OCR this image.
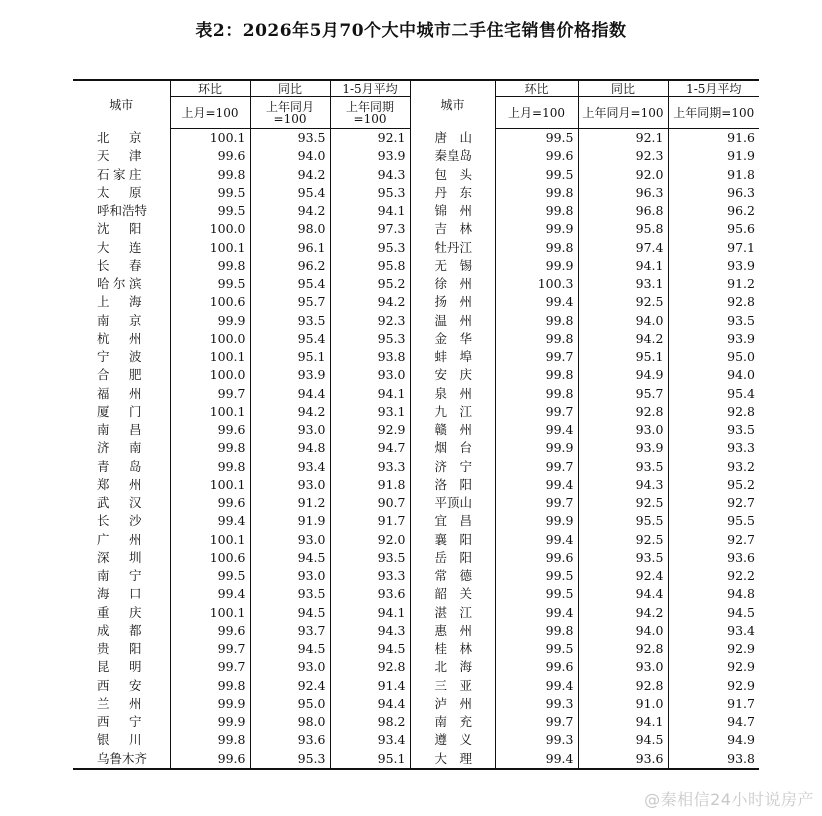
表2：2026年5月70个大中城市二手住宅销售价格指数
城市	环比	同比	1-5月平均	城市	环比	同比	1-5月平均
	上月=100	上年同月=100	上年同期=100		上月=100	上年同月=100	上年同期=100
北　京	100.1	93.5	92.1	唐　山	99.5	92.1	91.6
天　津	99.6	94.0	93.9	秦皇岛	99.6	92.3	91.9
石家庄	99.8	94.2	94.3	包　头	99.5	92.0	91.8
太　原	99.5	95.4	95.3	丹　东	99.8	96.3	96.3
呼和浩特	99.5	94.2	94.1	锦　州	99.8	96.8	96.2
沈　阳	100.0	98.0	97.3	吉　林	99.9	95.8	95.6
大　连	100.1	96.1	95.3	牡丹江	99.8	97.4	97.1
长　春	99.8	96.2	95.8	无　锡	99.9	94.1	93.9
哈尔滨	99.5	95.4	95.2	徐　州	100.3	93.1	91.2
上　海	100.6	95.7	94.2	扬　州	99.4	92.5	92.8
南　京	99.9	93.5	92.3	温　州	99.8	94.0	93.5
杭　州	100.0	95.4	95.3	金　华	99.8	94.2	93.9
宁　波	100.1	95.1	93.8	蚌　埠	99.7	95.1	95.0
合　肥	100.0	93.9	93.0	安　庆	99.8	94.9	94.0
福　州	99.7	94.4	94.1	泉　州	99.8	95.7	95.4
厦　门	100.1	94.2	93.1	九　江	99.7	92.8	92.8
南　昌	99.6	93.0	92.9	赣　州	99.4	93.0	93.5
济　南	99.8	94.8	94.7	烟　台	99.9	93.9	93.3
青　岛	99.8	93.4	93.3	济　宁	99.7	93.5	93.2
郑　州	100.1	93.0	91.8	洛　阳	99.4	94.3	95.2
武　汉	99.6	91.2	90.7	平顶山	99.7	92.5	92.7
长　沙	99.4	91.9	91.7	宜　昌	99.9	95.5	95.5
广　州	100.1	93.0	92.0	襄　阳	99.4	92.5	92.7
深　圳	100.6	94.5	93.5	岳　阳	99.6	93.5	93.6
南　宁	99.5	93.0	93.3	常　德	99.5	92.4	92.2
海　口	99.4	93.5	93.6	韶　关	99.5	94.4	94.8
重　庆	100.1	94.5	94.1	湛　江	99.4	94.2	94.5
成　都	99.6	93.7	94.3	惠　州	99.8	94.0	93.4
贵　阳	99.7	94.5	94.5	桂　林	99.5	92.8	92.9
昆　明	99.7	93.0	92.8	北　海	99.6	93.0	92.9
西　安	99.8	92.4	91.4	三　亚	99.4	92.8	92.9
兰　州	99.9	95.0	94.4	泸　州	99.3	91.0	91.7
西　宁	99.9	98.0	98.2	南　充	99.7	94.1	94.7
银　川	99.8	93.6	93.4	遵　义	99.3	94.5	94.9
乌鲁木齐	99.6	95.3	95.1	大　理	99.4	93.6	93.8
@秦相信24小时说房产
